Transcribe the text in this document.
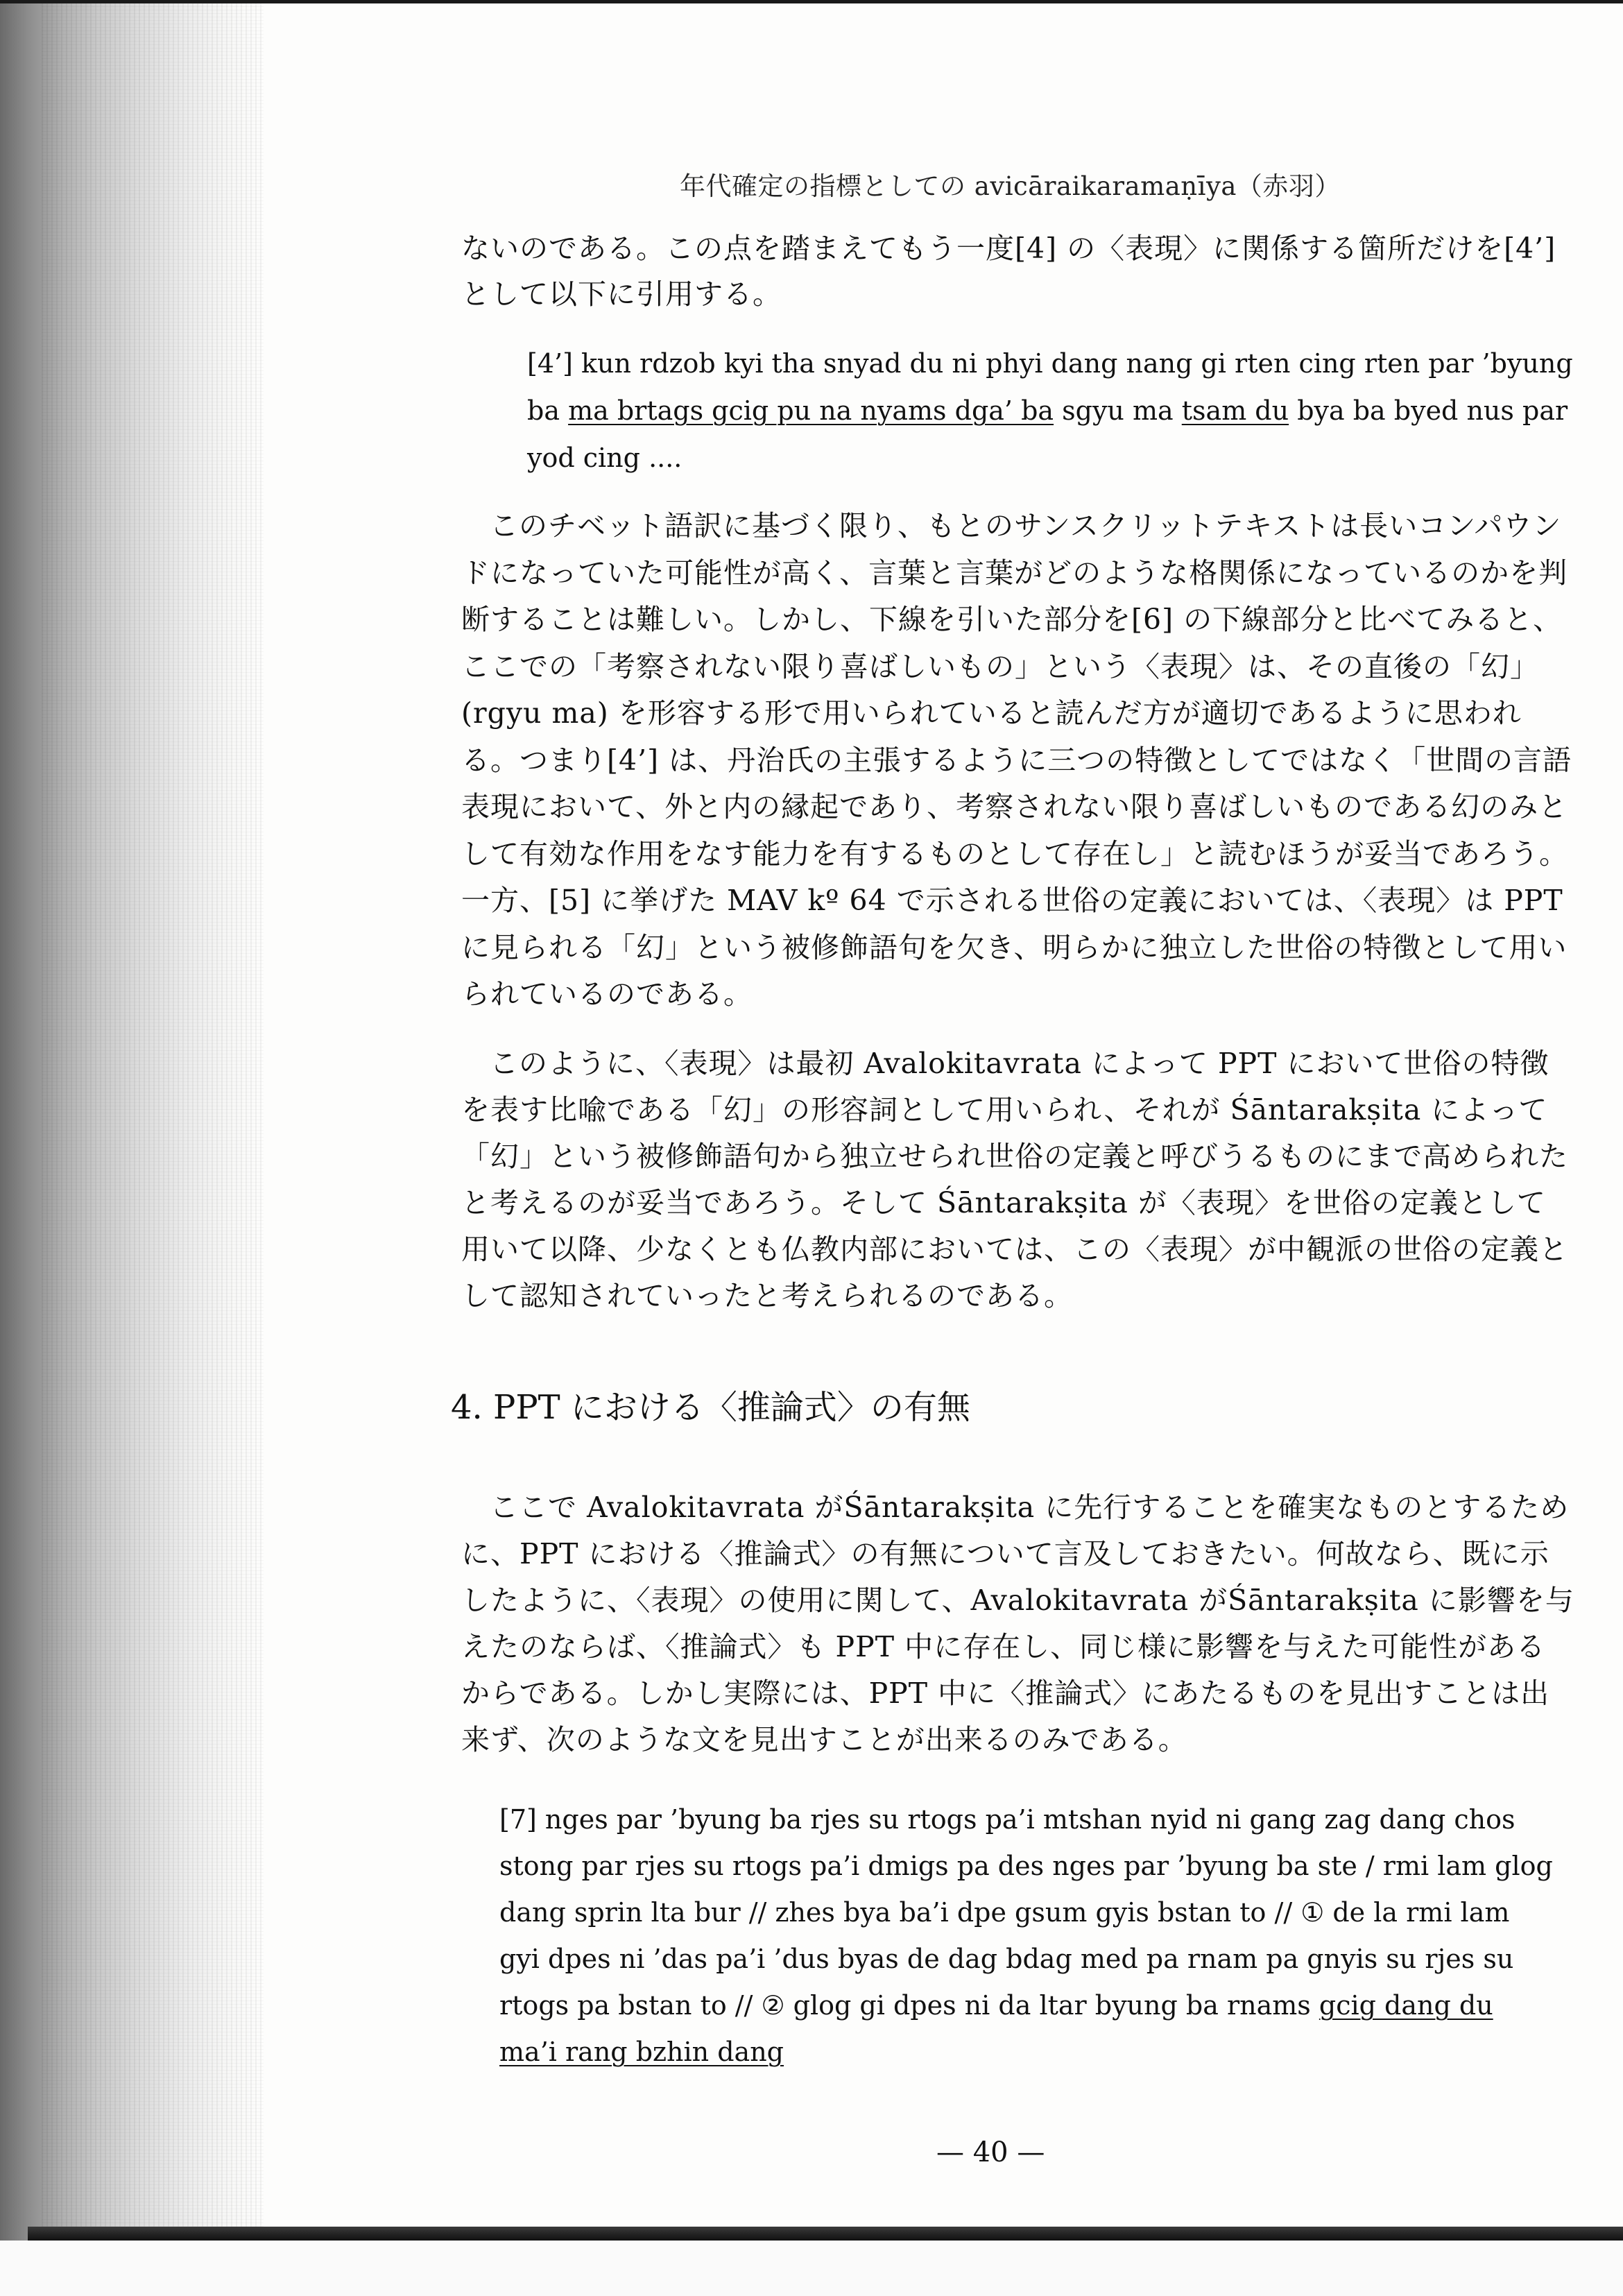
年代確定の指標としての avicāraikaramaṇīya（赤羽）

ないのである。この点を踏まえてもう一度[4] の〈表現〉に関係する箇所だけを[4’] として以下に引用する。

[4’] kun rdzob kyi tha snyad du ni phyi dang nang gi rten cing rten par ’byung ba ma brtags gcig pu na nyams dga’ ba sgyu ma tsam du bya ba byed nus par yod cing ....

このチベット語訳に基づく限り、もとのサンスクリットテキストは長いコンパウンドになっていた可能性が高く、言葉と言葉がどのような格関係になっているのかを判断することは難しい。しかし、下線を引いた部分を[6] の下線部分と比べてみると、ここでの「考察されない限り喜ばしいもの」という〈表現〉は、その直後の「幻」(rgyu ma) を形容する形で用いられていると読んだ方が適切であるように思われる。つまり[4’] は、丹治氏の主張するように三つの特徴としてではなく「世間の言語表現において、外と内の縁起であり、考察されない限り喜ばしいものである幻のみとして有効な作用をなす能力を有するものとして存在し」と読むほうが妥当であろう。一方、[5] に挙げた MAV kº 64 で示される世俗の定義においては、〈表現〉は PPT に見られる「幻」という被修飾語句を欠き、明らかに独立した世俗の特徴として用いられているのである。

このように、〈表現〉は最初 Avalokitavrata によって PPT において世俗の特徴を表す比喩である「幻」の形容詞として用いられ、それが Śāntarakṣita によって「幻」という被修飾語句から独立せられ世俗の定義と呼びうるものにまで高められたと考えるのが妥当であろう。そして Śāntarakṣita が〈表現〉を世俗の定義として用いて以降、少なくとも仏教内部においては、この〈表現〉が中観派の世俗の定義として認知されていったと考えられるのである。

4. PPT における〈推論式〉の有無

ここで Avalokitavrata がŚāntarakṣita に先行することを確実なものとするために、PPT における〈推論式〉の有無について言及しておきたい。何故なら、既に示したように、〈表現〉の使用に関して、Avalokitavrata がŚāntarakṣita に影響を与えたのならば、〈推論式〉も PPT 中に存在し、同じ様に影響を与えた可能性があるからである。しかし実際には、PPT 中に〈推論式〉にあたるものを見出すことは出来ず、次のような文を見出すことが出来るのみである。

[7] nges par ’byung ba rjes su rtogs pa’i mtshan nyid ni gang zag dang chos stong par rjes su rtogs pa’i dmigs pa des nges par ’byung ba ste / rmi lam glog dang sprin lta bur // zhes bya ba’i dpe gsum gyis bstan to // ① de la rmi lam gyi dpes ni ’das pa’i ’dus byas de dag bdag med pa rnam pa gnyis su rjes su rtogs pa bstan to // ② glog gi dpes ni da ltar byung ba rnams gcig dang du ma’i rang bzhin dang

— 40 —
